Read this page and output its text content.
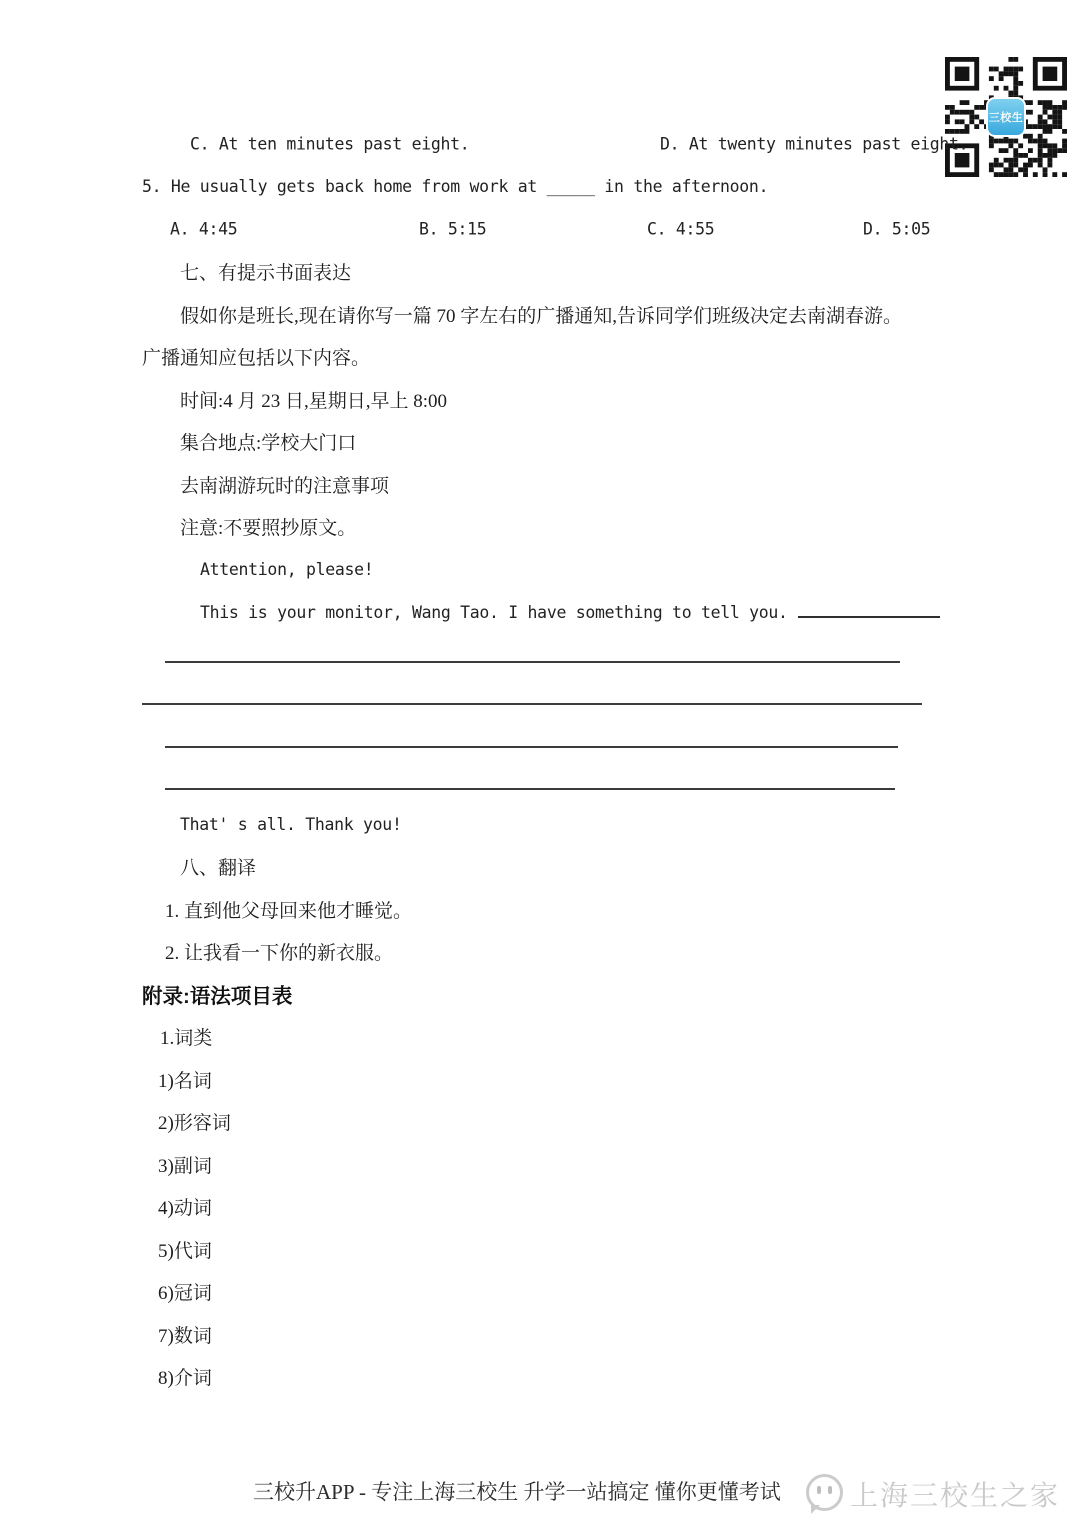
三校生
C. At ten minutes past eight.	D. At twenty minutes past eight.
5. He usually gets back home from work at _____ in the afternoon.
A. 4:45	B. 5:15	C. 4:55	D. 5:05
七、有提示书面表达
假如你是班长,现在请你写一篇 70 字左右的广播通知,告诉同学们班级决定去南湖春游。
广播通知应包括以下内容。
时间:4 月 23 日,星期日,早上 8:00
集合地点:学校大门口
去南湖游玩时的注意事项
注意:不要照抄原文。
Attention, please!
This is your monitor, Wang Tao. I have something to tell you.
That' s all. Thank you!
八、翻译
1. 直到他父母回来他才睡觉。
2. 让我看一下你的新衣服。
附录:语法项目表
1.词类
1)名词
2)形容词
3)副词
4)动词
5)代词
6)冠词
7)数词
8)介词
三校升APP - 专注上海三校生 升学一站搞定 懂你更懂考试 上海三校生之家
